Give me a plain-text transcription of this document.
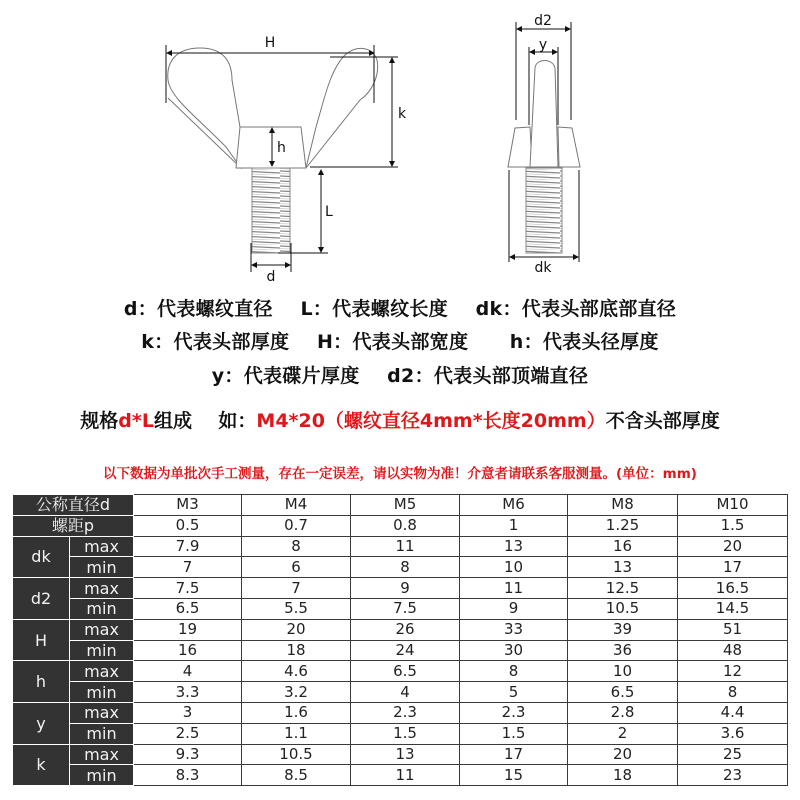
H
k
h
L
d
d2
y
dk
d：代表螺纹直径    L：代表螺纹长度    dk：代表头部底部直径
k：代表头部厚度    H：代表头部宽度      h：代表头径厚度
y：代表碟片厚度    d2：代表头部顶端直径
规格d*L组成    如：M4*20（螺纹直径4mm*长度20mm）不含头部厚度
以下数据为单批次手工测量，存在一定误差，请以实物为准！介意者请联系客服测量。(单位：mm)
公称直径d		M3	M4	M5	M6	M8	M10
螺距p		0.5	0.7	0.8	1	1.25	1.5
dk	max	7.9	8	11	13	16	20
	min	7	6	8	10	13	17
d2	max	7.5	7	9	11	12.5	16.5
	min	6.5	5.5	7.5	9	10.5	14.5
H	max	19	20	26	33	39	51
	min	16	18	24	30	36	48
h	max	4	4.6	6.5	8	10	12
	min	3.3	3.2	4	5	6.5	8
y	max	3	1.6	2.3	2.3	2.8	4.4
	min	2.5	1.1	1.5	1.5	2	3.6
k	max	9.3	10.5	13	17	20	25
	min	8.3	8.5	11	15	18	23
